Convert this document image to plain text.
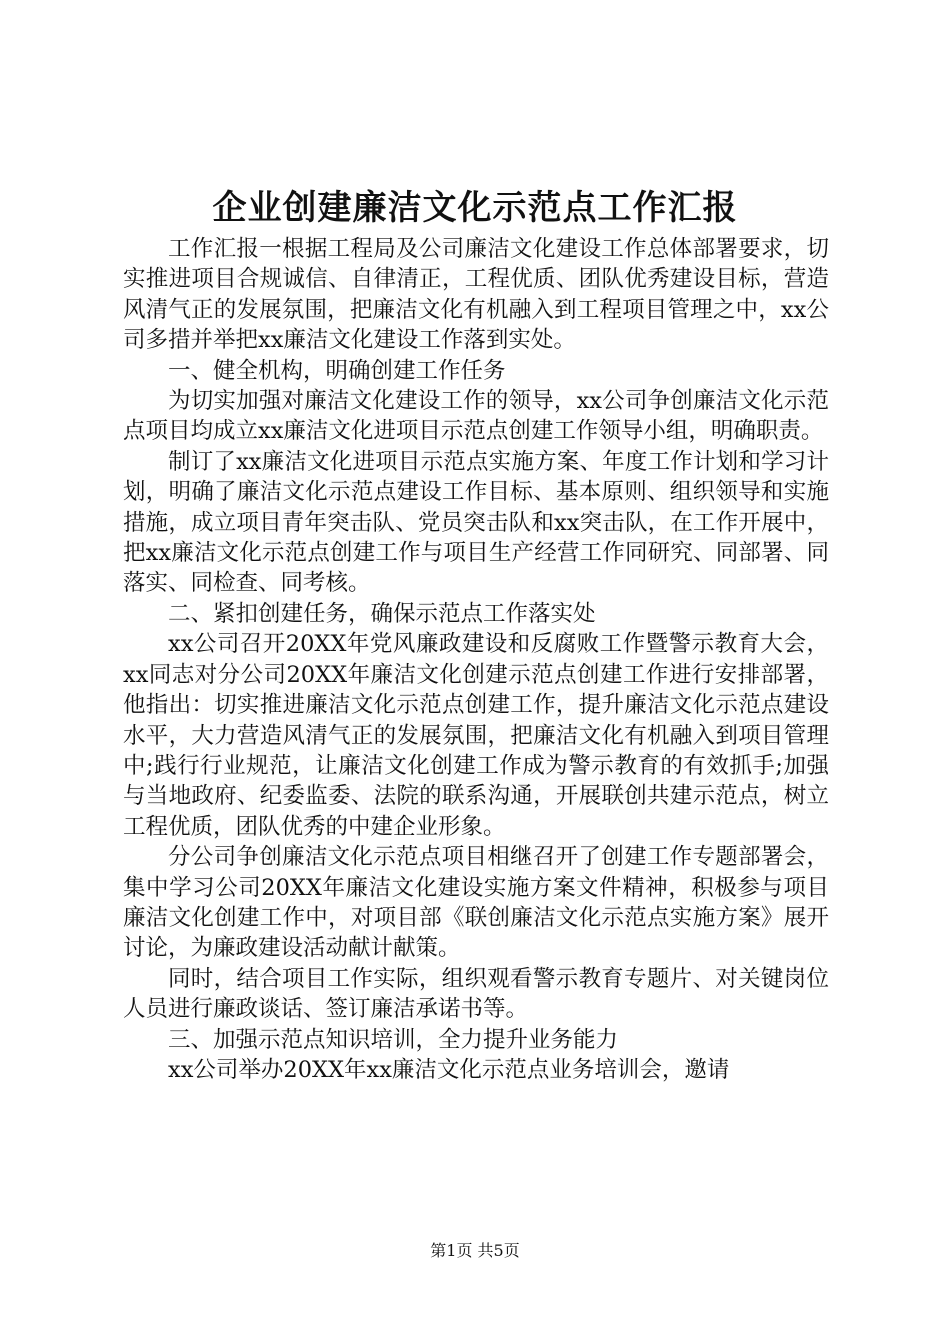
企业创建廉洁文化示范点工作汇报

工作汇报一根据工程局及公司廉洁文化建设工作总体部署要求，切实推进项目合规诚信、自律清正，工程优质、团队优秀建设目标，营造风清气正的发展氛围，把廉洁文化有机融入到工程项目管理之中，xx公司多措并举把xx廉洁文化建设工作落到实处。

一、健全机构，明确创建工作任务

为切实加强对廉洁文化建设工作的领导，xx公司争创廉洁文化示范点项目均成立xx廉洁文化进项目示范点创建工作领导小组，明确职责。

制订了xx廉洁文化进项目示范点实施方案、年度工作计划和学习计划，明确了廉洁文化示范点建设工作目标、基本原则、组织领导和实施措施，成立项目青年突击队、党员突击队和xx突击队，在工作开展中，把xx廉洁文化示范点创建工作与项目生产经营工作同研究、同部署、同落实、同检查、同考核。

二、紧扣创建任务，确保示范点工作落实处

xx公司召开20XX年党风廉政建设和反腐败工作暨警示教育大会，xx同志对分公司20XX年廉洁文化创建示范点创建工作进行安排部署，他指出：切实推进廉洁文化示范点创建工作，提升廉洁文化示范点建设水平，大力营造风清气正的发展氛围，把廉洁文化有机融入到项目管理中;践行行业规范，让廉洁文化创建工作成为警示教育的有效抓手;加强与当地政府、纪委监委、法院的联系沟通，开展联创共建示范点，树立工程优质，团队优秀的中建企业形象。

分公司争创廉洁文化示范点项目相继召开了创建工作专题部署会，集中学习公司20XX年廉洁文化建设实施方案文件精神，积极参与项目廉洁文化创建工作中，对项目部《联创廉洁文化示范点实施方案》展开讨论，为廉政建设活动献计献策。

同时，结合项目工作实际，组织观看警示教育专题片、对关键岗位人员进行廉政谈话、签订廉洁承诺书等。

三、加强示范点知识培训，全力提升业务能力

xx公司举办20XX年xx廉洁文化示范点业务培训会，邀请

第1页 共5页
